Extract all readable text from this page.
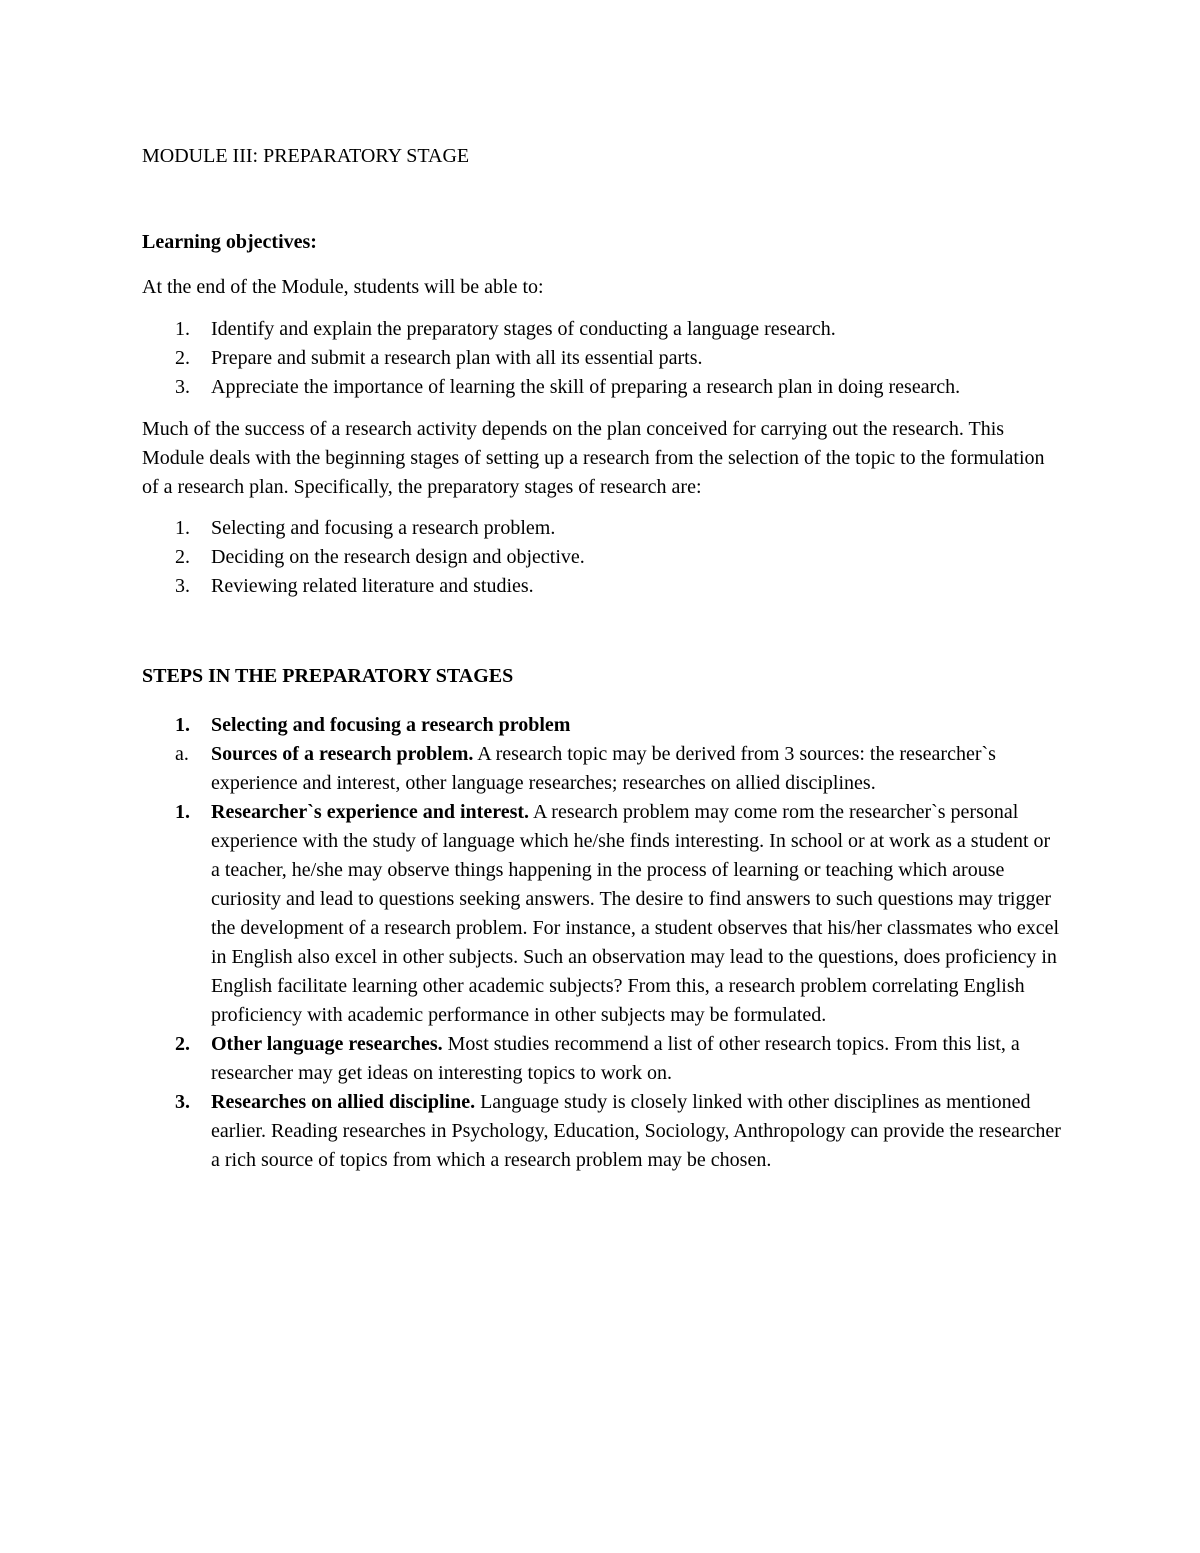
MODULE III: PREPARATORY STAGE
Learning objectives:

At the end of the Module, students will be able to:

1. Identify and explain the preparatory stages of conducting a language research.
2. Prepare and submit a research plan with all its essential parts.
3. Appreciate the importance of learning the skill of preparing a research plan in doing research.

Much of the success of a research activity depends on the plan conceived for carrying out the research. This Module deals with the beginning stages of setting up a research from the selection of the topic to the formulation of a research plan. Specifically, the preparatory stages of research are:

1. Selecting and focusing a research problem.
2. Deciding on the research design and objective.
3. Reviewing related literature and studies.
STEPS IN THE PREPARATORY STAGES
1. Selecting and focusing a research problem
a. Sources of a research problem. A research topic may be derived from 3 sources: the researcher`s experience and interest, other language researches; researches on allied disciplines.
1. Researcher`s experience and interest. A research problem may come rom the researcher`s personal experience with the study of language which he/she finds interesting. In school or at work as a student or a teacher, he/she may observe things happening in the process of learning or teaching which arouse curiosity and lead to questions seeking answers. The desire to find answers to such questions may trigger the development of a research problem. For instance, a student observes that his/her classmates who excel in English also excel in other subjects. Such an observation may lead to the questions, does proficiency in English facilitate learning other academic subjects? From this, a research problem correlating English proficiency with academic performance in other subjects may be formulated.
2. Other language researches. Most studies recommend a list of other research topics. From this list, a researcher may get ideas on interesting topics to work on.
3. Researches on allied discipline. Language study is closely linked with other disciplines as mentioned earlier. Reading researches in Psychology, Education, Sociology, Anthropology can provide the researcher a rich source of topics from which a research problem may be chosen.
